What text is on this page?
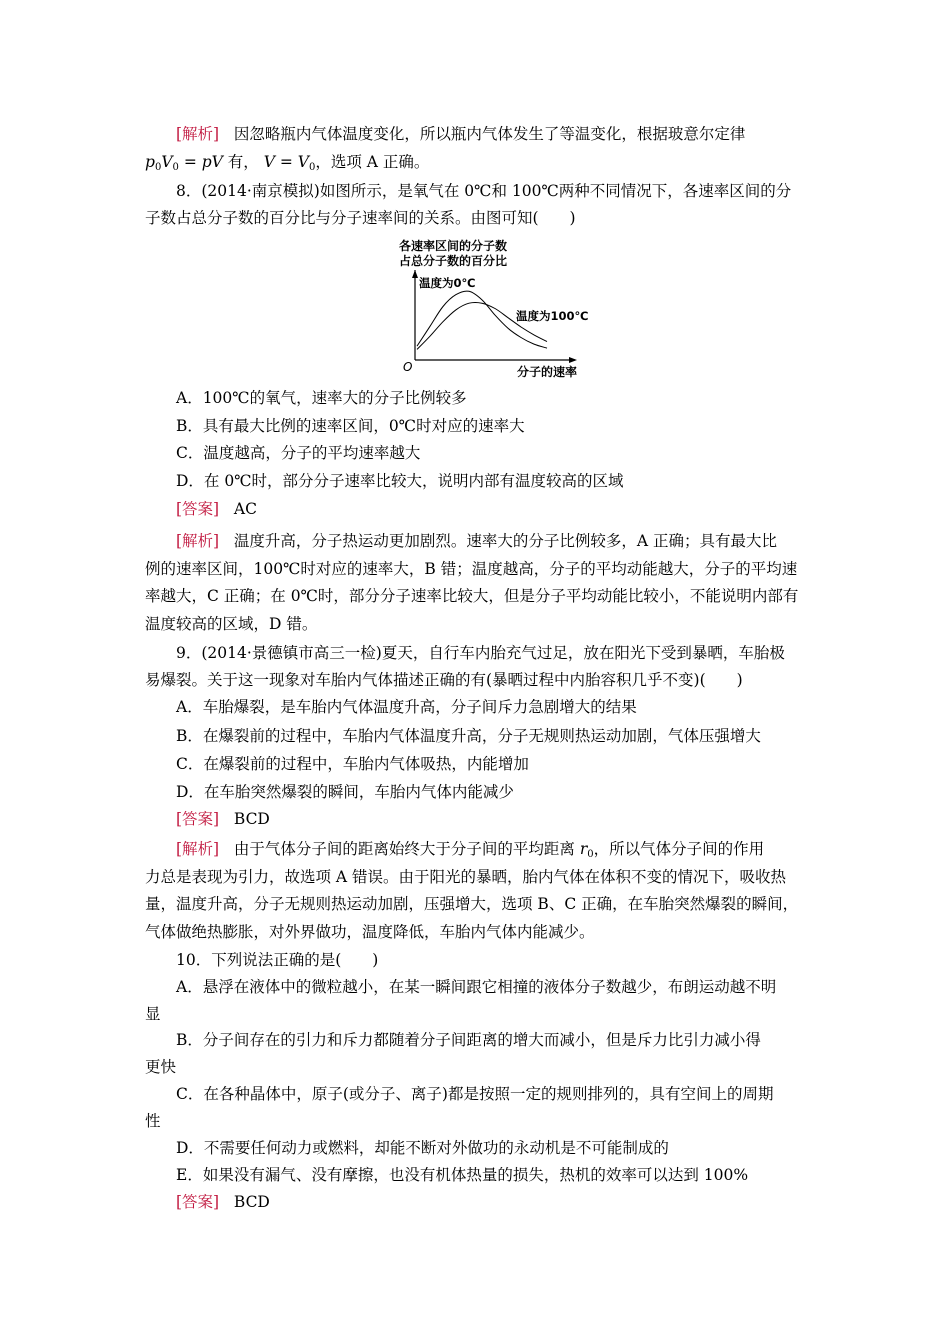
[解析] 因忽略瓶内气体温度变化，所以瓶内气体发生了等温变化，根据玻意尔定律
$p_0V_0$ = pV 有， $V = V_0$，选项 A 正确。
8．(2014·南京模拟)如图所示，是氧气在 0℃和 100℃两种不同情况下，各速率区间的分
子数占总分子数的百分比与分子速率间的关系。由图可知(　　)
各速率区间的分子数
占总分子数的百分比
O	分子的速率
温度为0℃
温度为100℃
A．100℃的氧气，速率大的分子比例较多
B．具有最大比例的速率区间，0℃时对应的速率大
C．温度越高，分子的平均速率越大
D．在 0℃时，部分分子速率比较大，说明内部有温度较高的区域
[答案] AC
[解析] 温度升高，分子热运动更加剧烈。速率大的分子比例较多，A 正确；具有最大比
例的速率区间，100℃时对应的速率大，B 错；温度越高，分子的平均动能越大，分子的平均速
率越大，C 正确；在 0℃时，部分分子速率比较大，但是分子平均动能比较小，不能说明内部有
温度较高的区域，D 错。
9．(2014·景德镇市高三一检)夏天，自行车内胎充气过足，放在阳光下受到暴晒，车胎极
易爆裂。关于这一现象对车胎内气体描述正确的有(暴晒过程中内胎容积几乎不变)(　　)
A．车胎爆裂，是车胎内气体温度升高，分子间斥力急剧增大的结果
B．在爆裂前的过程中，车胎内气体温度升高，分子无规则热运动加剧，气体压强增大
C．在爆裂前的过程中，车胎内气体吸热，内能增加
D．在车胎突然爆裂的瞬间，车胎内气体内能减少
[答案] BCD
[解析] 由于气体分子间的距离始终大于分子间的平均距离 $r_0$，所以气体分子间的作用
力总是表现为引力，故选项 A 错误。由于阳光的暴晒，胎内气体在体积不变的情况下，吸收热
量，温度升高，分子无规则热运动加剧，压强增大，选项 B、C 正确，在车胎突然爆裂的瞬间，
气体做绝热膨胀，对外界做功，温度降低，车胎内气体内能减少。
10．下列说法正确的是(　　)
A．悬浮在液体中的微粒越小，在某一瞬间跟它相撞的液体分子数越少，布朗运动越不明
显
B．分子间存在的引力和斥力都随着分子间距离的增大而减小，但是斥力比引力减小得
更快
C．在各种晶体中，原子(或分子、离子)都是按照一定的规则排列的，具有空间上的周期
性
D．不需要任何动力或燃料，却能不断对外做功的永动机是不可能制成的
E．如果没有漏气、没有摩擦，也没有机体热量的损失，热机的效率可以达到 100%
[答案] BCD
